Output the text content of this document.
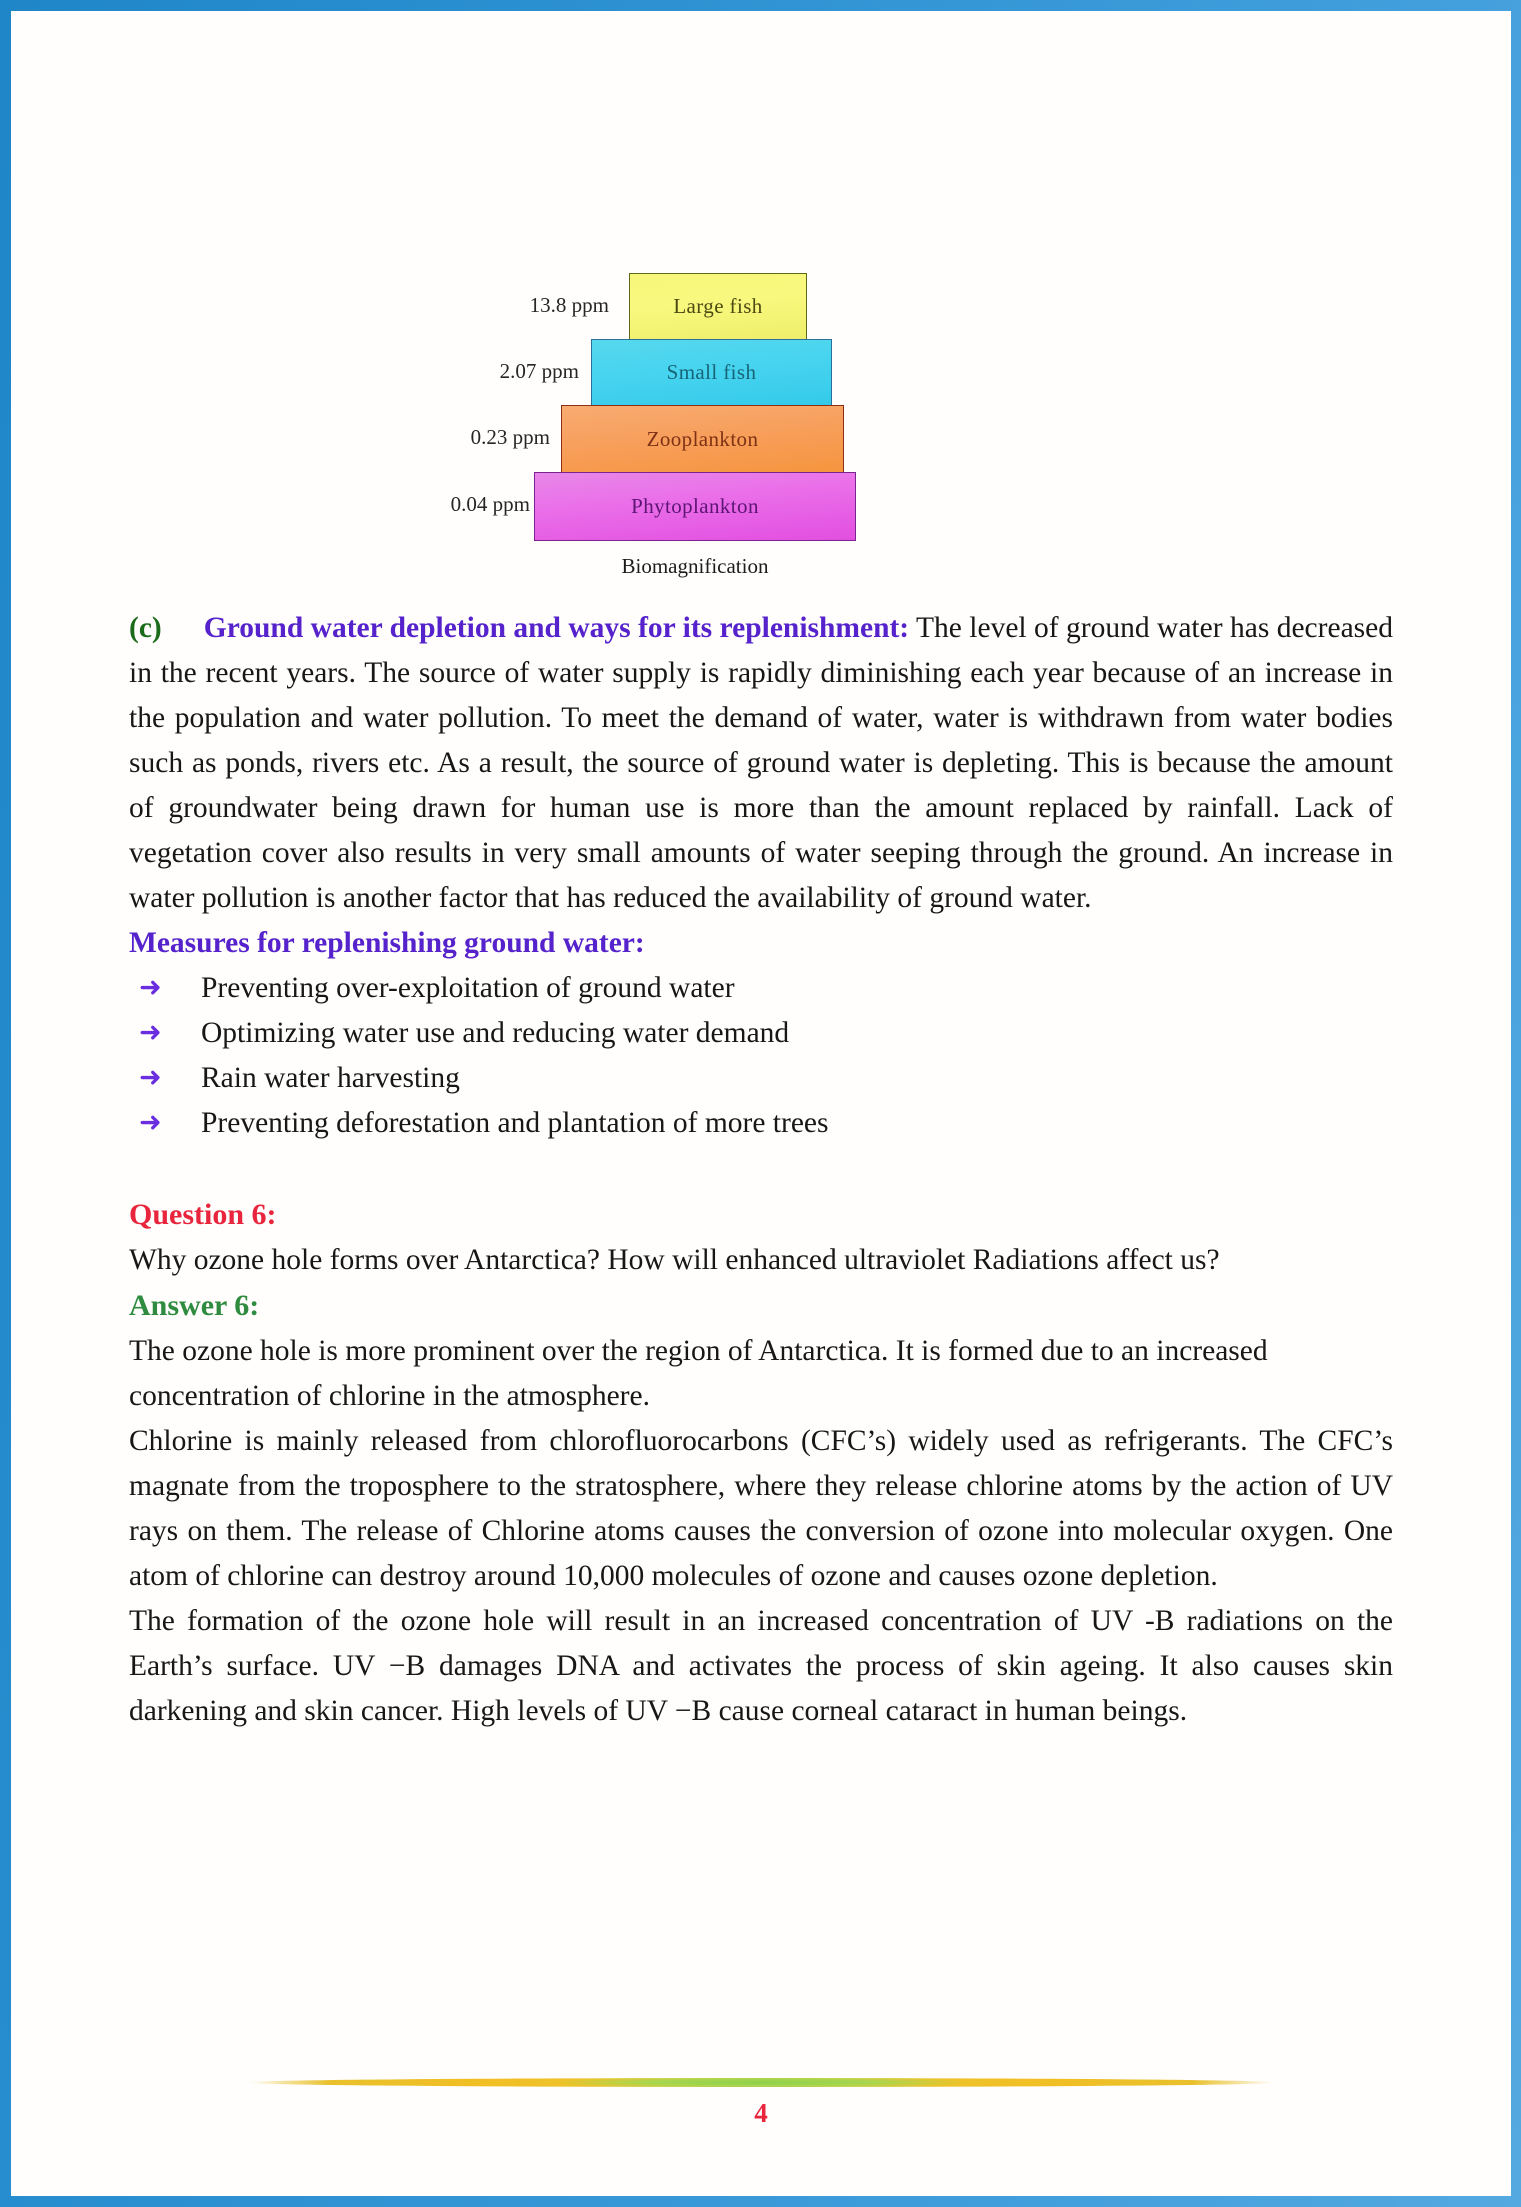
13.8 ppm	Large fish
2.07 ppm	Small fish
0.23 ppm	Zooplankton
0.04 ppm	Phytoplankton
Biomagnification

(c) Ground water depletion and ways for its replenishment: The level of ground water has decreased in the recent years. The source of water supply is rapidly diminishing each year because of an increase in the population and water pollution. To meet the demand of water, water is withdrawn from water bodies such as ponds, rivers etc. As a result, the source of ground water is depleting. This is because the amount of groundwater being drawn for human use is more than the amount replaced by rainfall. Lack of vegetation cover also results in very small amounts of water seeping through the ground. An increase in water pollution is another factor that has reduced the availability of ground water.

Measures for replenishing ground water:
➜ Preventing over-exploitation of ground water
➜ Optimizing water use and reducing water demand
➜ Rain water harvesting
➜ Preventing deforestation and plantation of more trees
Question 6:

Why ozone hole forms over Antarctica? How will enhanced ultraviolet Radiations affect us?

Answer 6:

The ozone hole is more prominent over the region of Antarctica. It is formed due to an increased concentration of chlorine in the atmosphere.

Chlorine is mainly released from chlorofluorocarbons (CFC’s) widely used as refrigerants. The CFC’s magnate from the troposphere to the stratosphere, where they release chlorine atoms by the action of UV rays on them. The release of Chlorine atoms causes the conversion of ozone into molecular oxygen. One atom of chlorine can destroy around 10,000 molecules of ozone and causes ozone depletion.

The formation of the ozone hole will result in an increased concentration of UV -B radiations on the Earth’s surface. UV −B damages DNA and activates the process of skin ageing. It also causes skin darkening and skin cancer. High levels of UV −B cause corneal cataract in human beings.

4
